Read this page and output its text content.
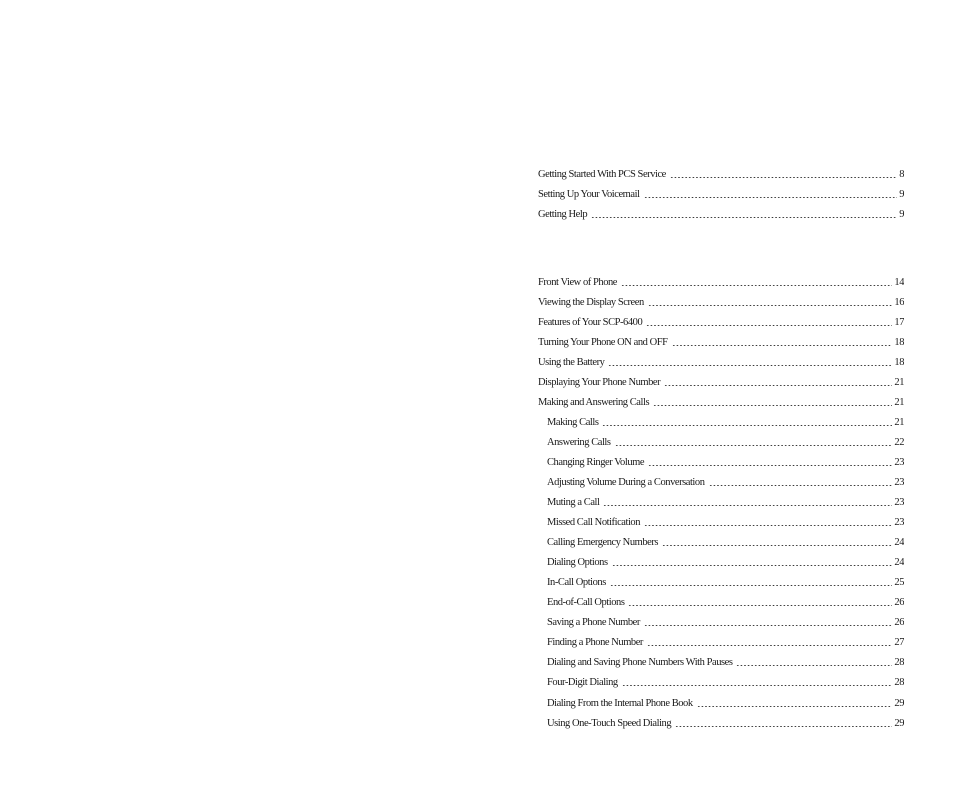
Getting Started With PCS Service	8
Setting Up Your Voicemail	9
Getting Help	9
Front View of Phone	14
Viewing the Display Screen	16
Features of Your SCP-6400	17
Turning Your Phone ON and OFF	18
Using the Battery	18
Displaying Your Phone Number	21
Making and Answering Calls	21
Making Calls	21
Answering Calls	22
Changing Ringer Volume	23
Adjusting Volume During a Conversation	23
Muting a Call	23
Missed Call Notification	23
Calling Emergency Numbers	24
Dialing Options	24
In-Call Options	25
End-of-Call Options	26
Saving a Phone Number	26
Finding a Phone Number	27
Dialing and Saving Phone Numbers With Pauses	28
Four-Digit Dialing	28
Dialing From the Internal Phone Book	29
Using One-Touch Speed Dialing	29
